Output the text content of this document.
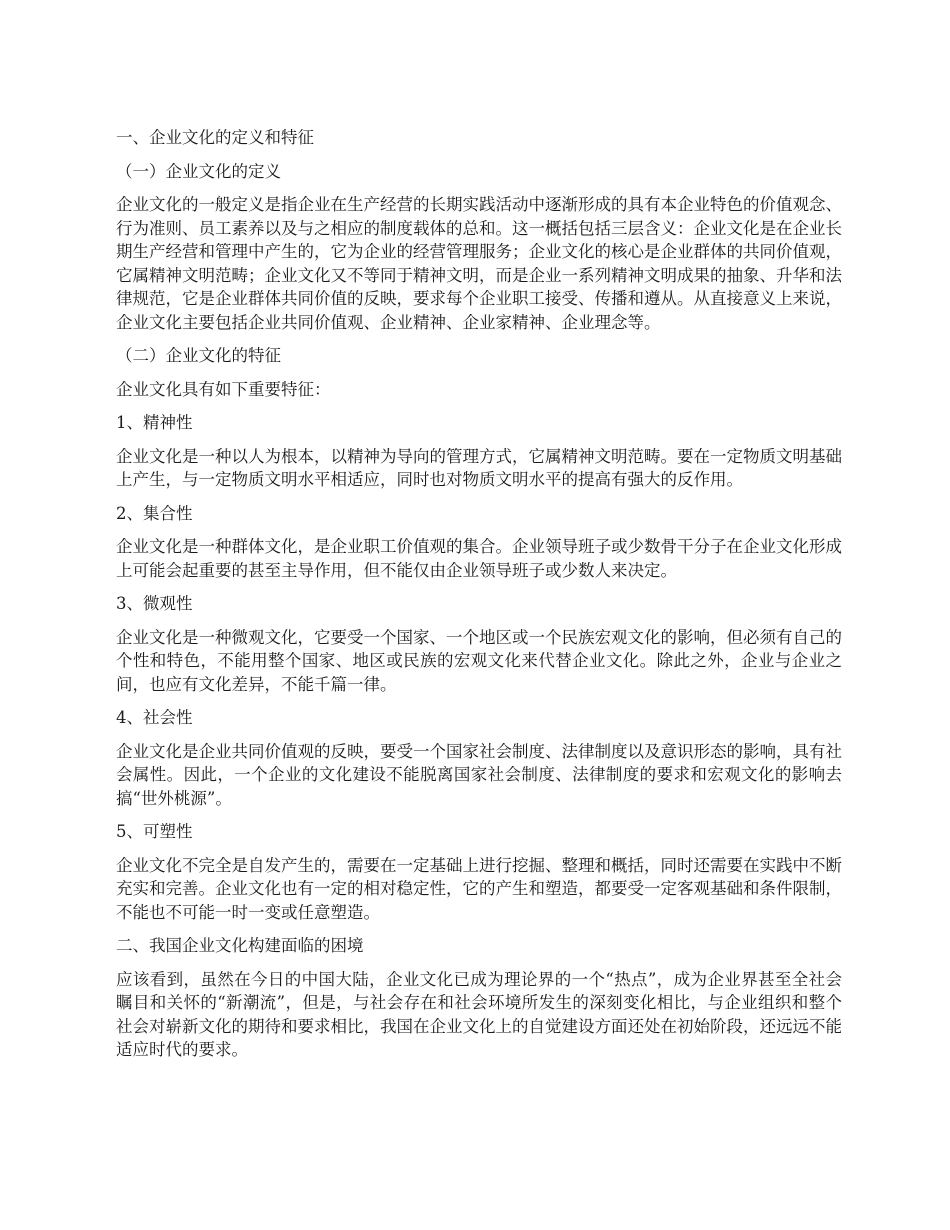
一、企业文化的定义和特征

（一）企业文化的定义

企业文化的一般定义是指企业在生产经营的长期实践活动中逐渐形成的具有本企业特色的价值观念、行为准则、员工素养以及与之相应的制度载体的总和。这一概括包括三层含义：企业文化是在企业长期生产经营和管理中产生的，它为企业的经营管理服务；企业文化的核心是企业群体的共同价值观，它属精神文明范畴；企业文化又不等同于精神文明，而是企业一系列精神文明成果的抽象、升华和法律规范，它是企业群体共同价值的反映，要求每个企业职工接受、传播和遵从。从直接意义上来说，企业文化主要包括企业共同价值观、企业精神、企业家精神、企业理念等。

（二）企业文化的特征

企业文化具有如下重要特征：

1、精神性

企业文化是一种以人为根本，以精神为导向的管理方式，它属精神文明范畴。要在一定物质文明基础上产生，与一定物质文明水平相适应，同时也对物质文明水平的提高有强大的反作用。

2、集合性

企业文化是一种群体文化，是企业职工价值观的集合。企业领导班子或少数骨干分子在企业文化形成上可能会起重要的甚至主导作用，但不能仅由企业领导班子或少数人来决定。

3、微观性

企业文化是一种微观文化，它要受一个国家、一个地区或一个民族宏观文化的影响，但必须有自己的个性和特色，不能用整个国家、地区或民族的宏观文化来代替企业文化。除此之外，企业与企业之间，也应有文化差异，不能千篇一律。

4、社会性

企业文化是企业共同价值观的反映，要受一个国家社会制度、法律制度以及意识形态的影响，具有社会属性。因此，一个企业的文化建设不能脱离国家社会制度、法律制度的要求和宏观文化的影响去搞“世外桃源”。

5、可塑性

企业文化不完全是自发产生的，需要在一定基础上进行挖掘、整理和概括，同时还需要在实践中不断充实和完善。企业文化也有一定的相对稳定性，它的产生和塑造，都要受一定客观基础和条件限制，不能也不可能一时一变或任意塑造。

二、我国企业文化构建面临的困境

应该看到，虽然在今日的中国大陆，企业文化已成为理论界的一个“热点”，成为企业界甚至全社会瞩目和关怀的“新潮流”，但是，与社会存在和社会环境所发生的深刻变化相比，与企业组织和整个社会对崭新文化的期待和要求相比，我国在企业文化上的自觉建设方面还处在初始阶段，还远远不能适应时代的要求。
